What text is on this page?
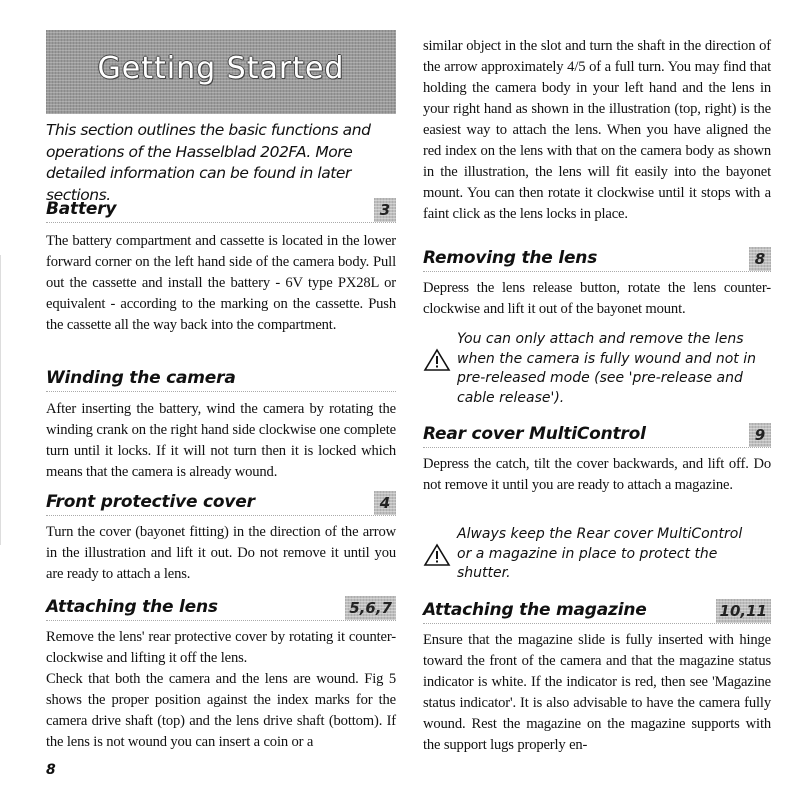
Getting Started

This section outlines the basic functions and operations of the Hasselblad 202FA. More detailed information can be found in later sections.

Battery	3

The battery compartment and cassette is located in the lower forward corner on the left hand side of the camera body. Pull out the cassette and install the battery - 6V type PX28L or equivalent - according to the marking on the cassette. Push the cassette all the way back into the compartment.

Winding the camera

After inserting the battery, wind the camera by rotating the winding crank on the right hand side clockwise one complete turn until it locks. If it will not turn then it is locked which means that the camera is already wound.

Front protective cover	4

Turn the cover (bayonet fitting) in the direction of the arrow in the illustration and lift it out. Do not remove it until you are ready to attach a lens.

Attaching the lens	5,6,7

Remove the lens' rear protective cover by rotating it counter-clockwise and lifting it off the lens.

Check that both the camera and the lens are wound. Fig 5 shows the proper position against the index marks for the camera drive shaft (top) and the lens drive shaft (bottom). If the lens is not wound you can insert a coin or a

8

similar object in the slot and turn the shaft in the direction of the arrow approximately 4/5 of a full turn. You may find that holding the camera body in your left hand and the lens in your right hand as shown in the illustration (top, right) is the easiest way to attach the lens. When you have aligned the red index on the lens with that on the camera body as shown in the illustration, the lens will fit easily into the bayonet mount. You can then rotate it clockwise until it stops with a faint click as the lens locks in place.

Removing the lens	8

Depress the lens release button, rotate the lens counter-clockwise and lift it out of the bayonet mount.

You can only attach and remove the lens when the camera is fully wound and not in pre-released mode (see 'pre-release and cable release').

Rear cover MultiControl	9

Depress the catch, tilt the cover backwards, and lift off. Do not remove it until you are ready to attach a magazine.

Always keep the Rear cover MultiControl or a magazine in place to protect the shutter.

Attaching the magazine	10,11

Ensure that the magazine slide is fully inserted with hinge toward the front of the camera and that the magazine status indicator is white. If the indicator is red, then see 'Magazine status indicator'. It is also advisable to have the camera fully wound. Rest the magazine on the magazine supports with the support lugs properly en-
